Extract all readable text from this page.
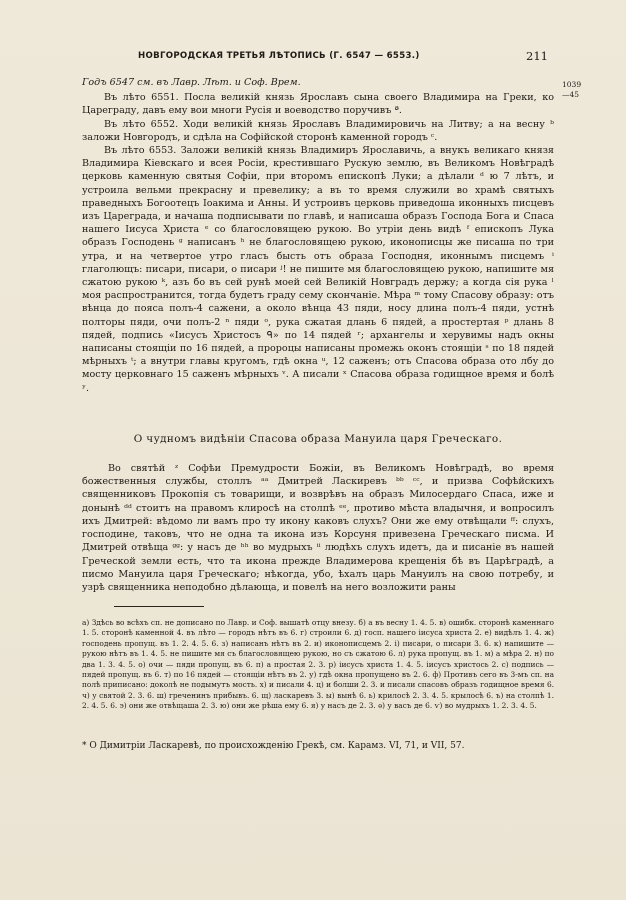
НОВГОРОДСКАЯ ТРЕТЬЯ ЛѢТОПИСЬ (Г. 6547 — 6553.)	211
1039
—45

Годъ 6547 см. въ Лавр. Лѣт. и Соф. Врем.

Въ лѣто 6551. Посла великiй князь Ярославъ сына своего Владимира на Греки, ко Цареграду, давъ ему вои многи Русiя и воеводство поручивъ ª.

Въ лѣто 6552. Ходи великiй князь Ярославъ Владимировичь на Литву; а на весну ᵇ заложи Новгородъ, и сдѣла на Софiйской сторонѣ каменной городъ ᶜ.

Въ лѣто 6553. Заложи великiй князь Владимиръ Ярославичь, а внукъ великаго князя Владимира Кiевскаго и всея Росiи, крестившаго Рускую землю, въ Великомъ Новѣградѣ церковь каменную святыя Софiи, при второмъ епископѣ Луки; а дѣлали ᵈ ю 7 лѣтъ, и устроила вельми прекрасну и превелику; а въ то время служили во храмѣ святыхъ праведныхъ Богоотецъ Iоакима и Анны. И устроивъ церковь приведоша иконныхъ писцевъ изъ Цареграда, и начаша подписывати по главѣ, и написаша образъ Господа Бога и Спаса нашего Iисуса Христа ᵉ со благословящею рукою. Во утрiи день видѣ ᶠ епископъ Лука образъ Господень ᵍ написанъ ʰ не благословящею рукою, иконописцы же писаша по три утра, и на четвертое утро гласъ бысть отъ образа Господня, иконнымъ писцемъ ⁱ глаголющъ: писари, писари, о писари ʲ! не пишите мя благословящею рукою, напишите мя сжатою рукою ᵏ, азъ бо въ сей рунѣ моей сей Великiй Новградъ держу; а когда сiя рука ˡ моя распространится, тогда будетъ граду сему скончанiе. Мѣра ᵐ тому Спасову образу: отъ вѣнца до пояса полъ-4 сажени, а около вѣнца 43 пяди, носу длина полъ-4 пяди, устнѣ полторы пяди, очи полъ-2 ⁿ пяди ᵒ, рука сжатая длань 6 пядей, а простертая ᵖ длань 8 пядей, подпись «Iисусъ Христосъ ᑫ» по 14 пядей ʳ; архангелы и херувимы надъ окны написаны стоящiи по 16 пядей, а пророцы написаны промежь оконъ стоящiи ˢ по 18 пядей мѣрныхъ ᵗ; а внутри главы кругомъ, гдѣ окна ᵘ, 12 саженъ; отъ Спасова образа ото лбу до мосту церковнаго 15 саженъ мѣрныхъ ᵛ. А писали ˣ Спасова образа годищное время и болѣ ʸ.

О чудномъ видѣнiи Спасова образа Мануила царя Греческаго.

Во святѣй ᶻ Софѣи Премудрости Божiи, въ Великомъ Новѣградѣ, во время божественныя службы, столлъ ᵃᵃ Дмитрей Ласкиревъ ᵇᵇ ᶜᶜ, и призва Софѣйскихъ священниковъ Прокопiя съ товарищи, и возврѣвъ на образъ Милосердаго Спаса, иже и донынѣ ᵈᵈ стоитъ на правомъ клиросѣ на столпѣ ᵉᵉ, противо мѣста владычня, и вопросилъ ихъ Дмитрей: вѣдомо ли вамъ про ту икону каковъ слухъ? Они же ему отвѣщали ᶠᶠ: слухъ, господине, таковъ, что не одна та икона изъ Корсуня привезена Греческаго писма. И Дмитрей отвѣща ᵍᵍ: у насъ де ʰʰ во мудрыхъ ⁱⁱ людѣхъ слухъ идетъ, да и писанiе въ нашей Греческой земли есть, что та икона прежде Владимерова крещенiя бѣ въ Царѣградѣ, а писмо Мануила царя Греческаго; нѣкогда, убо, ѣхалъ царь Мануилъ на свою потребу, и узрѣ священника неподобно дѣлающа, и повелѣ на него возложити раны

а) Здѣсь во всѣхъ сп. не дописано по Лавр. и Соф. вышатѣ отцу внезу. б) а въ весну 1. 4. 5. в) ошибк. сторонѣ каменнаго 1. 5. сторонѣ каменной 4. въ лѣто — городъ нѣтъ въ 6. г) строили 6. д) госп. нашего iисуса христа 2. е) видѣлъ 1. 4. ж) господень пропущ. въ 1. 2. 4. 5. 6. з) написанъ нѣтъ въ 2. и) иконописцемъ 2. i) писари, о писари 3. 6. к) напишите — рукою нѣтъ въ 1. 4. 5. не пишите мя съ благословящею рукою, но съ сжатою 6. л) рука пропущ. въ 1. м) а мѣра 2. н) по два 1. 3. 4. 5. о) очи — пяди пропущ. въ 6. п) а простая 2. 3. р) iисусъ христа 1. 4. 5. iисусъ христось 2. с) подпись — пядей пропущ. въ 6. т) по 16 пядей — стоящiи нѣтъ въ 2. у) гдѣ окна пропущено въ 2. 6. ф) Противъ сего въ 3-мъ сп. на полѣ приписано: доколѣ не подымутъ мость. х) и писали 4. ц) и болши 2. 3. и писали спасовъ образъ годищное время 6. ч) у святой 2. 3. 6. ш) греченинъ прибывъ. 6. щ) ласкаревъ 3. ы) вынѣ 6. ь) крилосѣ 2. 3. 4. 5. крылосѣ 6. ъ) на столпѣ 1. 2. 4. 5. 6. э) они же отвѣщаша 2. 3. ю) они же рѣша ему 6. я) у насъ де 2. 3. ѳ) у васъ де 6. ѵ) во мудрыхъ 1. 2. 3. 4. 5.

* О Димитрiи Ласкаревѣ, по происхожденiю Грекѣ, см. Карамз. VI, 71, и VII, 57.
